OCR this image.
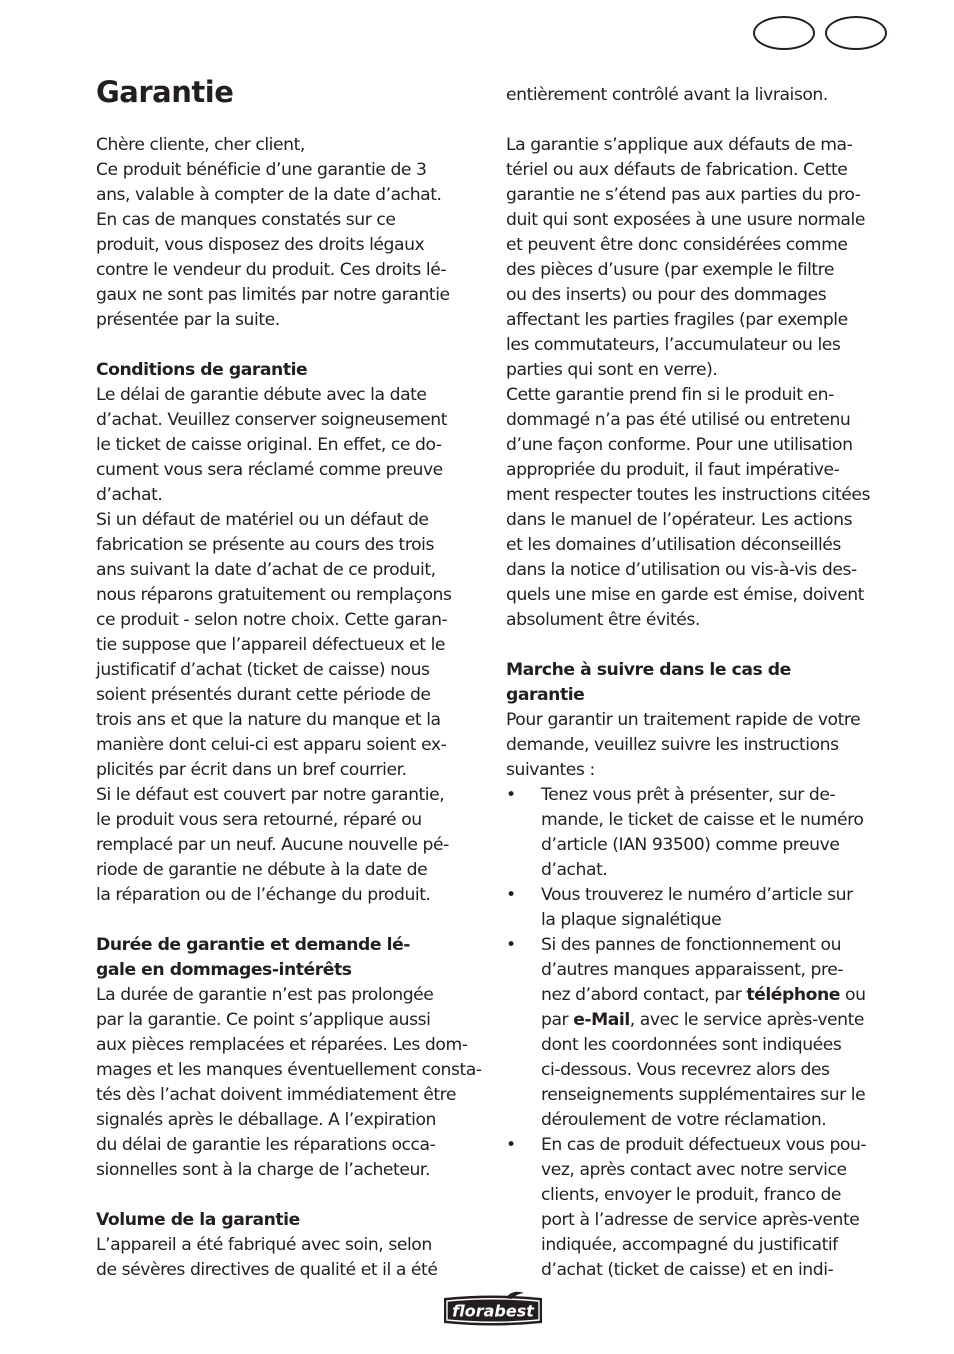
Garantie
Chère cliente, cher client,
Ce produit bénéficie d’une garantie de 3
ans, valable à compter de la date d’achat.
En cas de manques constatés sur ce
produit, vous disposez des droits légaux
contre le vendeur du produit. Ces droits lé-
gaux ne sont pas limités par notre garantie
présentée par la suite.
Conditions de garantie
Le délai de garantie débute avec la date
d’achat. Veuillez conserver soigneusement
le ticket de caisse original. En effet, ce do-
cument vous sera réclamé comme preuve
d’achat.
Si un défaut de matériel ou un défaut de
fabrication se présente au cours des trois
ans suivant la date d’achat de ce produit,
nous réparons gratuitement ou remplaçons
ce produit - selon notre choix. Cette garan-
tie suppose que l’appareil défectueux et le
justificatif d’achat (ticket de caisse) nous
soient présentés durant cette période de
trois ans et que la nature du manque et la
manière dont celui-ci est apparu soient ex-
plicités par écrit dans un bref courrier.
Si le défaut est couvert par notre garantie,
le produit vous sera retourné, réparé ou
remplacé par un neuf. Aucune nouvelle pé-
riode de garantie ne débute à la date de
la réparation ou de l’échange du produit.
Durée de garantie et demande lé-
gale en dommages-intérêts
La durée de garantie n’est pas prolongée
par la garantie. Ce point s’applique aussi
aux pièces remplacées et réparées. Les dom-
mages et les manques éventuellement consta-
tés dès l’achat doivent immédiatement être
signalés après le déballage. A l’expiration
du délai de garantie les réparations occa-
sionnelles sont à la charge de l’acheteur.
Volume de la garantie
L’appareil a été fabriqué avec soin, selon
de sévères directives de qualité et il a été
entièrement contrôlé avant la livraison.
La garantie s’applique aux défauts de ma-
tériel ou aux défauts de fabrication. Cette
garantie ne s’étend pas aux parties du pro-
duit qui sont exposées à une usure normale
et peuvent être donc considérées comme
des pièces d’usure (par exemple le filtre
ou des inserts) ou pour des dommages
affectant les parties fragiles (par exemple
les commutateurs, l’accumulateur ou les
parties qui sont en verre).
Cette garantie prend fin si le produit en-
dommagé n’a pas été utilisé ou entretenu
d’une façon conforme. Pour une utilisation
appropriée du produit, il faut impérative-
ment respecter toutes les instructions citées
dans le manuel de l’opérateur. Les actions
et les domaines d’utilisation déconseillés
dans la notice d’utilisation ou vis-à-vis des-
quels une mise en garde est émise, doivent
absolument être évités.
Marche à suivre dans le cas de
garantie
Pour garantir un traitement rapide de votre
demande, veuillez suivre les instructions
suivantes :
• Tenez vous prêt à présenter, sur de-
mande, le ticket de caisse et le numéro
d’article (IAN 93500) comme preuve
d’achat.
• Vous trouverez le numéro d’article sur
la plaque signalétique
• Si des pannes de fonctionnement ou
d’autres manques apparaissent, pre-
nez d’abord contact, par téléphone ou
par e-Mail, avec le service après-vente
dont les coordonnées sont indiquées
ci-dessous. Vous recevrez alors des
renseignements supplémentaires sur le
déroulement de votre réclamation.
• En cas de produit défectueux vous pou-
vez, après contact avec notre service
clients, envoyer le produit, franco de
port à l’adresse de service après-vente
indiquée, accompagné du justificatif
d’achat (ticket de caisse) et en indi-
florabest
